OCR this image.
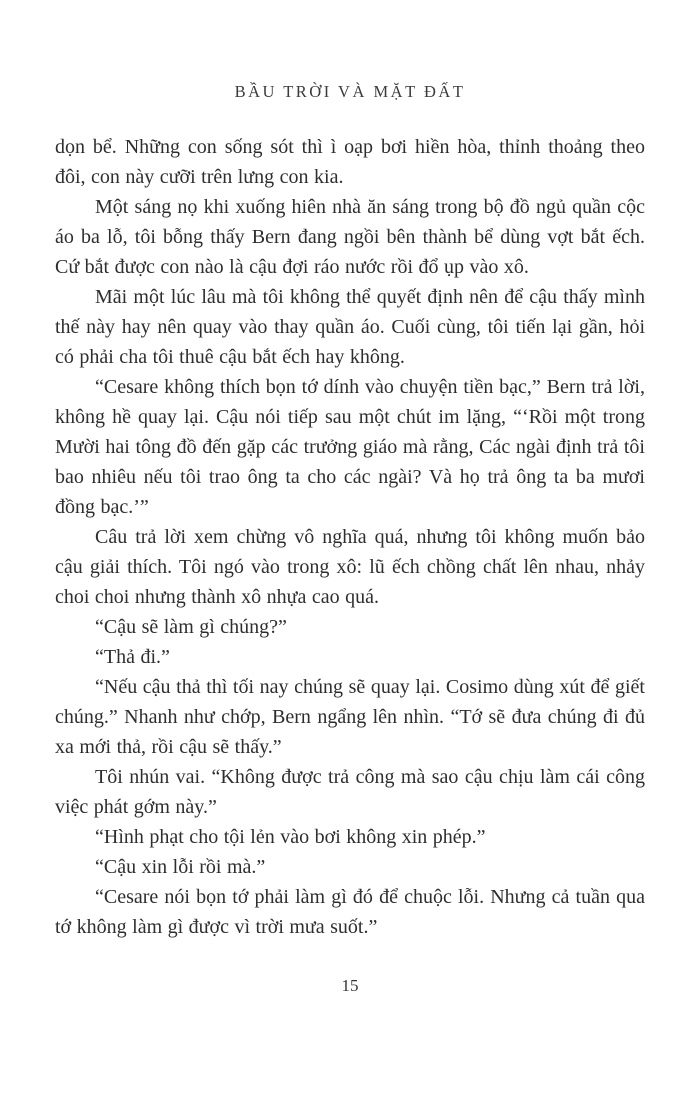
BẦU TRỜI VÀ MẶT ĐẤT

dọn bể. Những con sống sót thì ì oạp bơi hiền hòa, thỉnh thoảng theo đôi, con này cưỡi trên lưng con kia.

Một sáng nọ khi xuống hiên nhà ăn sáng trong bộ đồ ngủ quần cộc áo ba lỗ, tôi bỗng thấy Bern đang ngồi bên thành bể dùng vợt bắt ếch. Cứ bắt được con nào là cậu đợi ráo nước rồi đổ ụp vào xô.

Mãi một lúc lâu mà tôi không thể quyết định nên để cậu thấy mình thế này hay nên quay vào thay quần áo. Cuối cùng, tôi tiến lại gần, hỏi có phải cha tôi thuê cậu bắt ếch hay không.

“Cesare không thích bọn tớ dính vào chuyện tiền bạc,” Bern trả lời, không hề quay lại. Cậu nói tiếp sau một chút im lặng, “‘Rồi một trong Mười hai tông đồ đến gặp các trưởng giáo mà rằng, Các ngài định trả tôi bao nhiêu nếu tôi trao ông ta cho các ngài? Và họ trả ông ta ba mươi đồng bạc.’”

Câu trả lời xem chừng vô nghĩa quá, nhưng tôi không muốn bảo cậu giải thích. Tôi ngó vào trong xô: lũ ếch chồng chất lên nhau, nhảy choi choi nhưng thành xô nhựa cao quá.

“Cậu sẽ làm gì chúng?”

“Thả đi.”

“Nếu cậu thả thì tối nay chúng sẽ quay lại. Cosimo dùng xút để giết chúng.” Nhanh như chớp, Bern ngẩng lên nhìn. “Tớ sẽ đưa chúng đi đủ xa mới thả, rồi cậu sẽ thấy.”

Tôi nhún vai. “Không được trả công mà sao cậu chịu làm cái công việc phát gớm này.”

“Hình phạt cho tội lẻn vào bơi không xin phép.”

“Cậu xin lỗi rồi mà.”

“Cesare nói bọn tớ phải làm gì đó để chuộc lỗi. Nhưng cả tuần qua tớ không làm gì được vì trời mưa suốt.”

15
